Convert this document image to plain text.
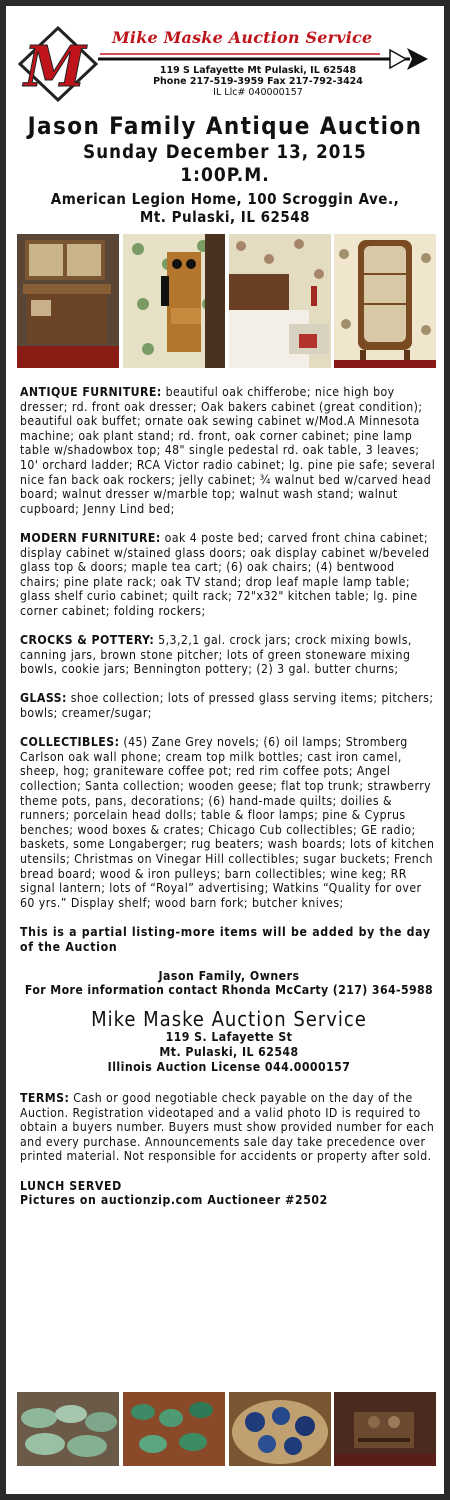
M Mike Maske Auction Service
119 S Lafayette Mt Pulaski, IL 62548
Phone 217-519-3959 Fax 217-792-3424
IL Llc# 040000157
Jason Family Antique Auction
Sunday December 13, 2015
1:00P.M.
American Legion Home, 100 Scroggin Ave.,
Mt. Pulaski, IL 62548

ANTIQUE FURNITURE: beautiful oak chifferobe; nice high boy dresser; rd. front oak dresser; Oak bakers cabinet (great condition); beautiful oak buffet; ornate oak sewing cabinet w/Mod.A Minnesota machine; oak plant stand; rd. front, oak corner cabinet; pine lamp table w/shadowbox top; 48" single pedestal rd. oak table, 3 leaves; 10' orchard ladder; RCA Victor radio cabinet; lg. pine pie safe; several nice fan back oak rockers; jelly cabinet; ¾ walnut bed w/carved head board; walnut dresser w/marble top; walnut wash stand; walnut cupboard; Jenny Lind bed;

MODERN FURNITURE: oak 4 poste bed; carved front china cabinet; display cabinet w/stained glass doors; oak display cabinet w/beveled glass top & doors; maple tea cart; (6) oak chairs; (4) bentwood chairs; pine plate rack; oak TV stand; drop leaf maple lamp table; glass shelf curio cabinet; quilt rack; 72"x32" kitchen table; lg. pine corner cabinet; folding rockers;

CROCKS & POTTERY: 5,3,2,1 gal. crock jars; crock mixing bowls, canning jars, brown stone pitcher; lots of green stoneware mixing bowls, cookie jars; Bennington pottery; (2) 3 gal. butter churns;

GLASS: shoe collection; lots of pressed glass serving items; pitchers; bowls; creamer/sugar;

COLLECTIBLES: (45) Zane Grey novels; (6) oil lamps; Stromberg Carlson oak wall phone; cream top milk bottles; cast iron camel, sheep, hog; graniteware coffee pot; red rim coffee pots; Angel collection; Santa collection; wooden geese; flat top trunk; strawberry theme pots, pans, decorations; (6) hand-made quilts; doilies & runners; porcelain head dolls; table & floor lamps; pine & Cyprus benches; wood boxes & crates; Chicago Cub collectibles; GE radio; baskets, some Longaberger; rug beaters; wash boards; lots of kitchen utensils; Christmas on Vinegar Hill collectibles; sugar buckets; French bread board; wood & iron pulleys; barn collectibles; wine keg; RR signal lantern; lots of “Royal” advertising; Watkins “Quality for over 60 yrs.” Display shelf; wood barn fork; butcher knives;

This is a partial listing-more items will be added by the day of the Auction

Jason Family, Owners
For More information contact Rhonda McCarty (217) 364-5988
Mike Maske Auction Service
119 S. Lafayette St
Mt. Pulaski, IL 62548
Illinois Auction License 044.0000157

TERMS: Cash or good negotiable check payable on the day of the Auction. Registration videotaped and a valid photo ID is required to obtain a buyers number. Buyers must show provided number for each and every purchase. Announcements sale day take precedence over printed material. Not responsible for accidents or property after sold.

LUNCH SERVED
Pictures on auctionzip.com Auctioneer #2502
